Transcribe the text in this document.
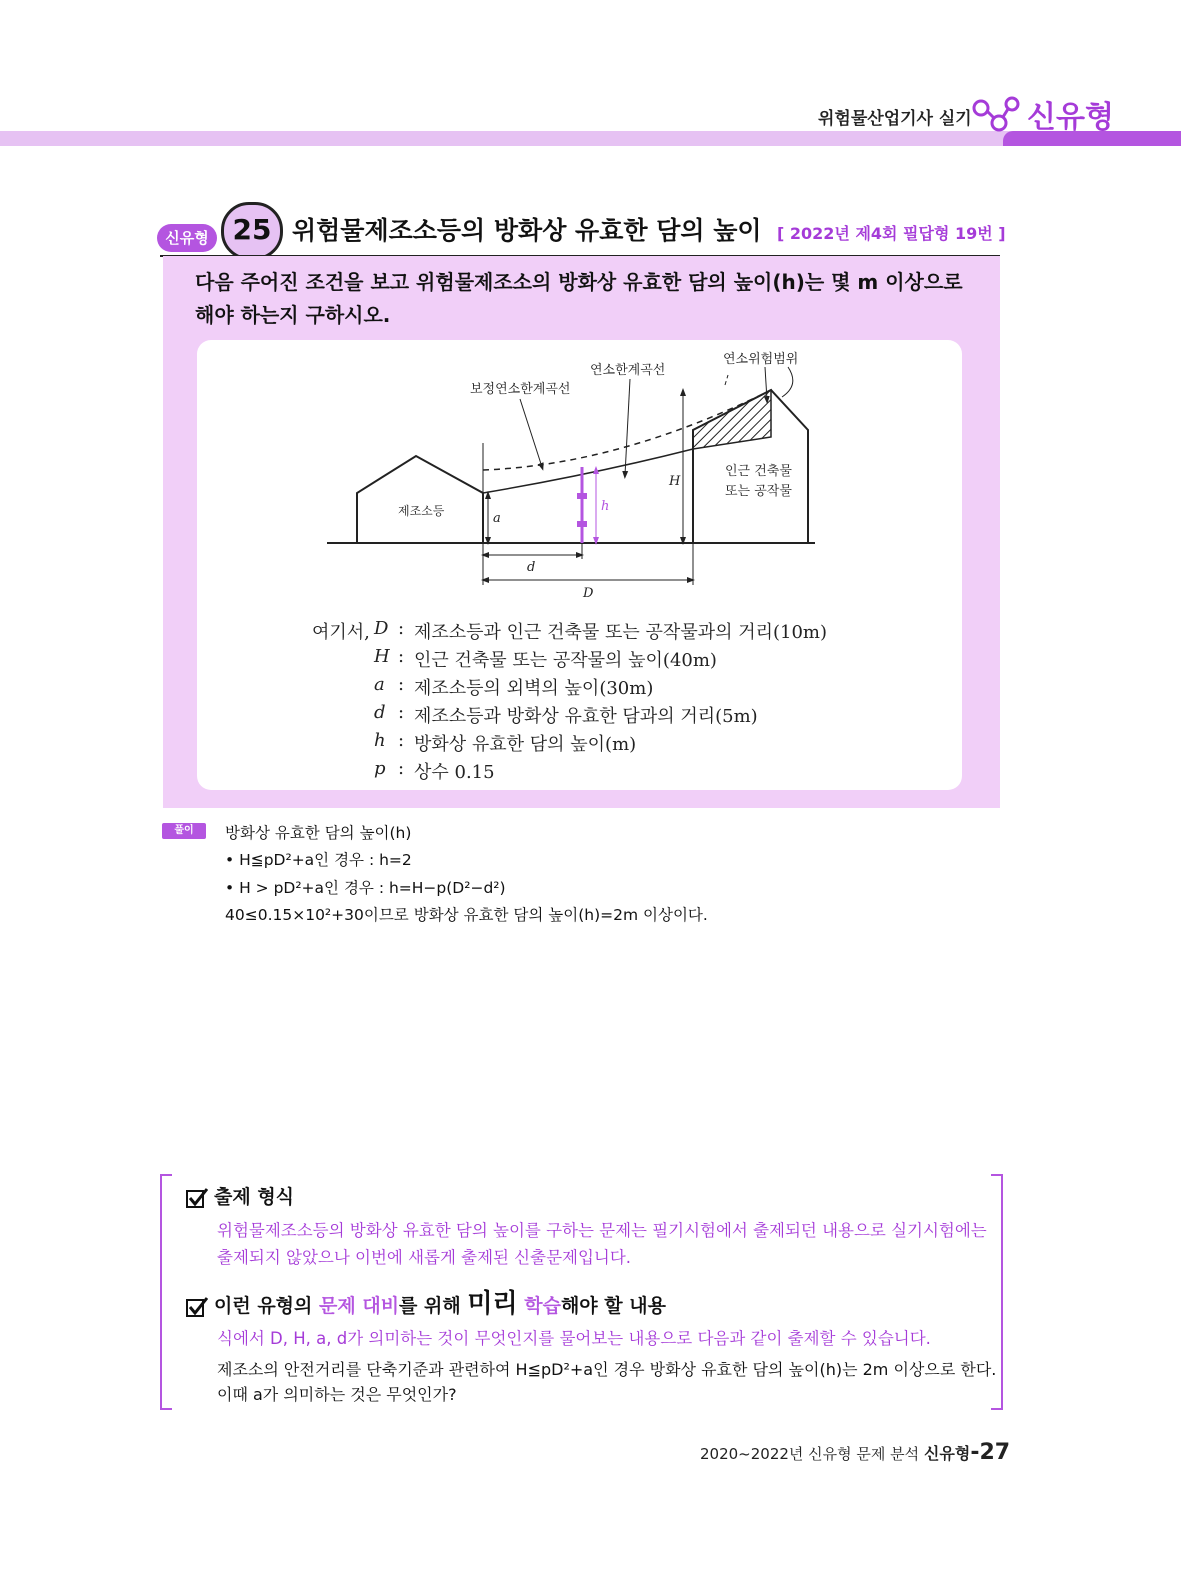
위험물산업기사 실기 신유형
신유형 25 위험물제조소등의 방화상 유효한 담의 높이 [ 2022년 제4회 필답형 19번 ]
다음 주어진 조건을 보고 위험물제조소의 방화상 유효한 담의 높이(h)는 몇 m 이상으로 해야 하는지 구하시오.
제조소등
인근 건축물
또는 공작물
h
a
H
d
D
연소위험범위
연소한계곡선
보정연소한계곡선
여기서, D : 제조소등과 인근 건축물 또는 공작물과의 거리(10m)
H : 인근 건축물 또는 공작물의 높이(40m)
a : 제조소등의 외벽의 높이(30m)
d : 제조소등과 방화상 유효한 담과의 거리(5m)
h : 방화상 유효한 담의 높이(m)
p : 상수 0.15
풀이	방화상 유효한 담의 높이(h)
• H≦pD²+a인 경우 : h=2
• H > pD²+a인 경우 : h=H−p(D²−d²)
40≤0.15×10²+30이므로 방화상 유효한 담의 높이(h)=2m 이상이다.
출제 형식
위험물제조소등의 방화상 유효한 담의 높이를 구하는 문제는 필기시험에서 출제되던 내용으로 실기시험에는
출제되지 않았으나 이번에 새롭게 출제된 신출문제입니다.
이런 유형의 문제 대비를 위해 미리 학습해야 할 내용
식에서 D, H, a, d가 의미하는 것이 무엇인지를 물어보는 내용으로 다음과 같이 출제할 수 있습니다.
제조소의 안전거리를 단축기준과 관련하여 H≦pD²+a인 경우 방화상 유효한 담의 높이(h)는 2m 이상으로 한다.
이때 a가 의미하는 것은 무엇인가?
2020~2022년 신유형 문제 분석 신유형-27
